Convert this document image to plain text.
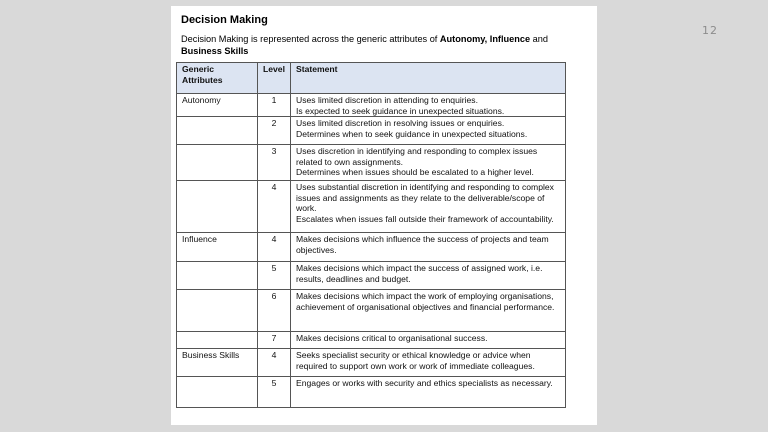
12
Decision Making
Decision Making is represented across the generic attributes of Autonomy, Influence and Business Skills
Generic Attributes	Level	Statement
Autonomy	1	Uses limited discretion in attending to enquiries.
Is expected to seek guidance in unexpected situations.

	2	Uses limited discretion in resolving issues or enquiries.
Determines when to seek guidance in unexpected situations.

	3	Uses discretion in identifying and responding to complex issues related to own assignments.
Determines when issues should be escalated to a higher level.

	4	Uses substantial discretion in identifying and responding to complex issues and assignments as they relate to the deliverable/scope of work.
Escalates when issues fall outside their framework of accountability.

Influence	4	Makes decisions which influence the success of projects and team objectives.

	5	Makes decisions which impact the success of assigned work, i.e. results, deadlines and budget.

	6	Makes decisions which impact the work of employing organisations, achievement of organisational objectives and financial performance.

	7	Makes decisions critical to organisational success.

Business Skills	4	Seeks specialist security or ethical knowledge or advice when required to support own work or work of immediate colleagues.

	5	Engages or works with security and ethics specialists as necessary.
